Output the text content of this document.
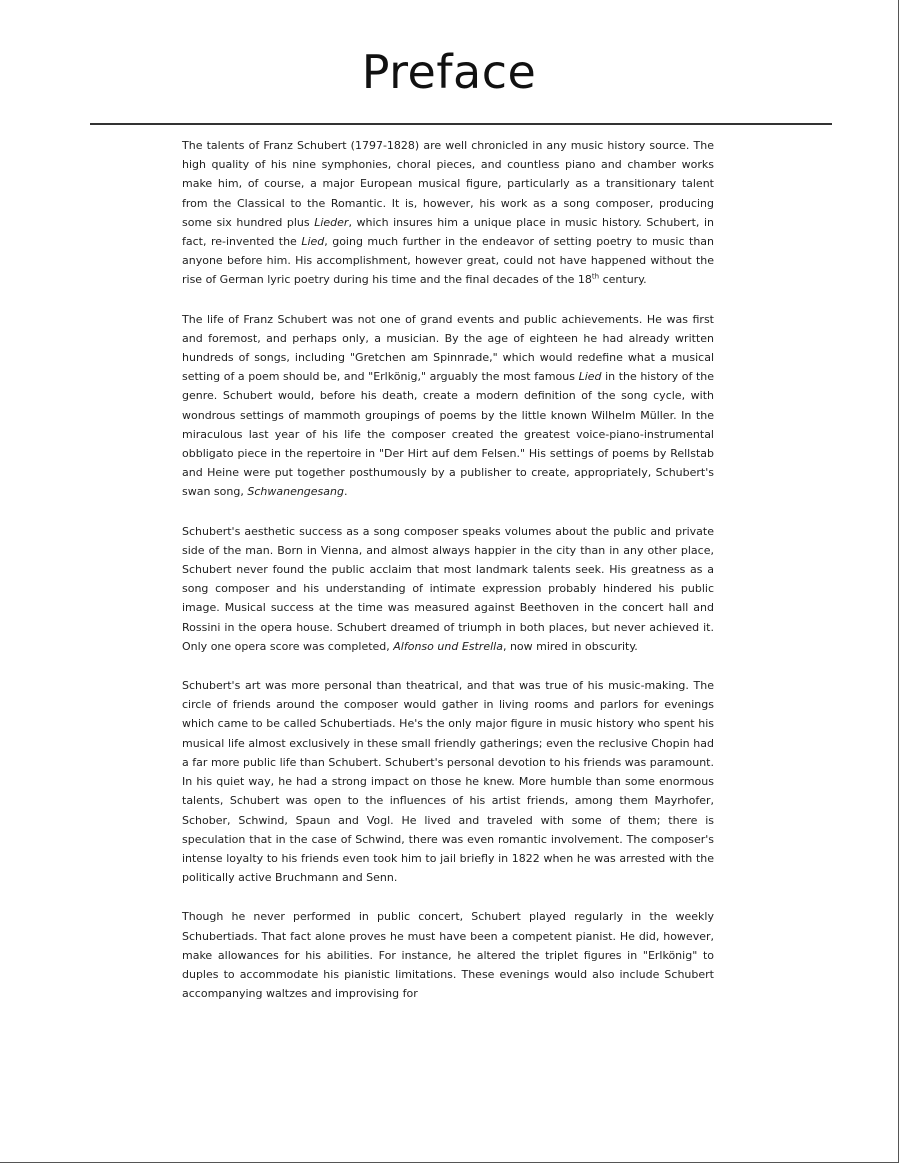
Preface

The talents of Franz Schubert (1797-1828) are well chronicled in any music history source. The high quality of his nine symphonies, choral pieces, and countless piano and chamber works make him, of course, a major European musical figure, particularly as a transitionary talent from the Classical to the Romantic. It is, however, his work as a song composer, producing some six hundred plus Lieder, which insures him a unique place in music history. Schubert, in fact, re-invented the Lied, going much further in the endeavor of setting poetry to music than anyone before him. His accomplishment, however great, could not have happened without the rise of German lyric poetry during his time and the final decades of the 18th century.

The life of Franz Schubert was not one of grand events and public achievements. He was first and foremost, and perhaps only, a musician. By the age of eighteen he had already written hundreds of songs, including "Gretchen am Spinnrade," which would redefine what a musical setting of a poem should be, and "Erlkönig," arguably the most famous Lied in the history of the genre. Schubert would, before his death, create a modern definition of the song cycle, with wondrous settings of mammoth groupings of poems by the little known Wilhelm Müller. In the miraculous last year of his life the composer created the greatest voice-piano-instrumental obbligato piece in the repertoire in "Der Hirt auf dem Felsen." His settings of poems by Rellstab and Heine were put together posthumously by a publisher to create, appropriately, Schubert's swan song, Schwanengesang.

Schubert's aesthetic success as a song composer speaks volumes about the public and private side of the man. Born in Vienna, and almost always happier in the city than in any other place, Schubert never found the public acclaim that most landmark talents seek. His greatness as a song composer and his understanding of intimate expression probably hindered his public image. Musical success at the time was measured against Beethoven in the concert hall and Rossini in the opera house. Schubert dreamed of triumph in both places, but never achieved it. Only one opera score was completed, Alfonso und Estrella, now mired in obscurity.

Schubert's art was more personal than theatrical, and that was true of his music-making. The circle of friends around the composer would gather in living rooms and parlors for evenings which came to be called Schubertiads. He's the only major figure in music history who spent his musical life almost exclusively in these small friendly gatherings; even the reclusive Chopin had a far more public life than Schubert. Schubert's personal devotion to his friends was paramount. In his quiet way, he had a strong impact on those he knew. More humble than some enormous talents, Schubert was open to the influences of his artist friends, among them Mayrhofer, Schober, Schwind, Spaun and Vogl. He lived and traveled with some of them; there is speculation that in the case of Schwind, there was even romantic involvement. The composer's intense loyalty to his friends even took him to jail briefly in 1822 when he was arrested with the politically active Bruchmann and Senn.

Though he never performed in public concert, Schubert played regularly in the weekly Schubertiads. That fact alone proves he must have been a competent pianist. He did, however, make allowances for his abilities. For instance, he altered the triplet figures in "Erlkönig" to duples to accommodate his pianistic limitations. These evenings would also include Schubert accompanying waltzes and improvising for
